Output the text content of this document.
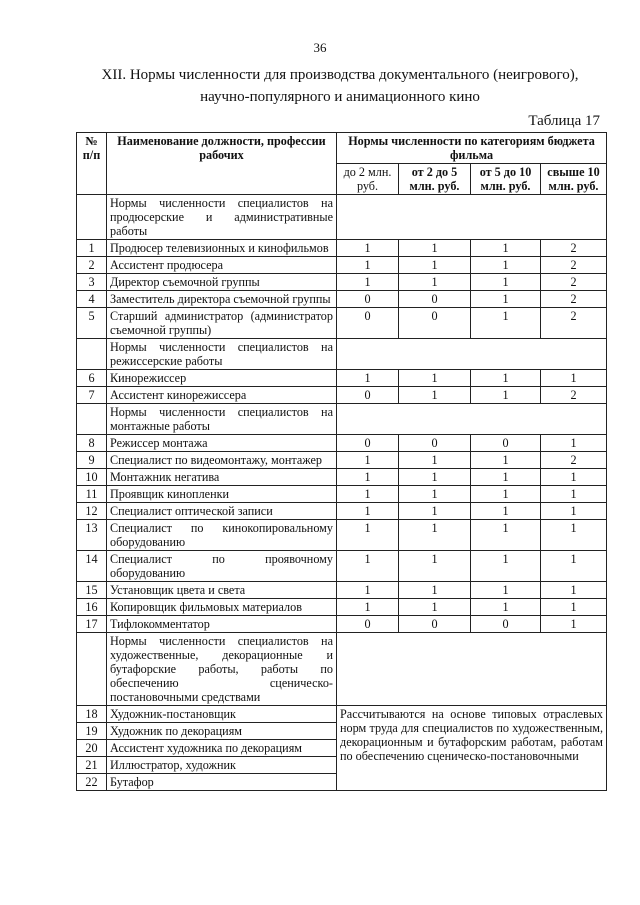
36
XII. Нормы численности для производства документального (неигрового),
научно-популярного и анимационного кино
Таблица 17
№ п/п	Наименование должности, профессии рабочих	Нормы численности по категориям бюджета фильма			
		до 2 млн. руб.	от 2 до 5 млн. руб.	от 5 до 10 млн. руб.	свыше 10 млн. руб.
	Нормы численности специалистов на продюсерские и административные работы				
1	Продюсер телевизионных и кинофильмов	1	1	1	2
2	Ассистент продюсера	1	1	1	2
3	Директор съемочной группы	1	1	1	2
4	Заместитель директора съемочной группы	0	0	1	2
5	Старший администратор (администратор съемочной группы)	0	0	1	2
	Нормы численности специалистов на режиссерские работы				
6	Кинорежиссер	1	1	1	1
7	Ассистент кинорежиссера	0	1	1	2
	Нормы численности специалистов на монтажные работы				
8	Режиссер монтажа	0	0	0	1
9	Специалист по видеомонтажу, монтажер	1	1	1	2
10	Монтажник негатива	1	1	1	1
11	Проявщик кинопленки	1	1	1	1
12	Специалист оптической записи	1	1	1	1
13	Специалист по кинокопировальному оборудованию	1	1	1	1
14	Специалист по проявочному оборудованию	1	1	1	1
15	Установщик цвета и света	1	1	1	1
16	Копировщик фильмовых материалов	1	1	1	1
17	Тифлокомментатор	0	0	0	1
	Нормы численности специалистов на художественные, декорационные и бутафорские работы, работы по обеспечению сценическо-постановочными средствами				
18	Художник-постановщик	Рассчитываются на основе типовых отраслевых норм труда для специалистов по художественным, декорационным и бутафорским работам, работам по обеспечению сценическо-постановочными			
19	Художник по декорациям				
20	Ассистент художника по декорациям				
21	Иллюстратор, художник				
22	Бутафор				
